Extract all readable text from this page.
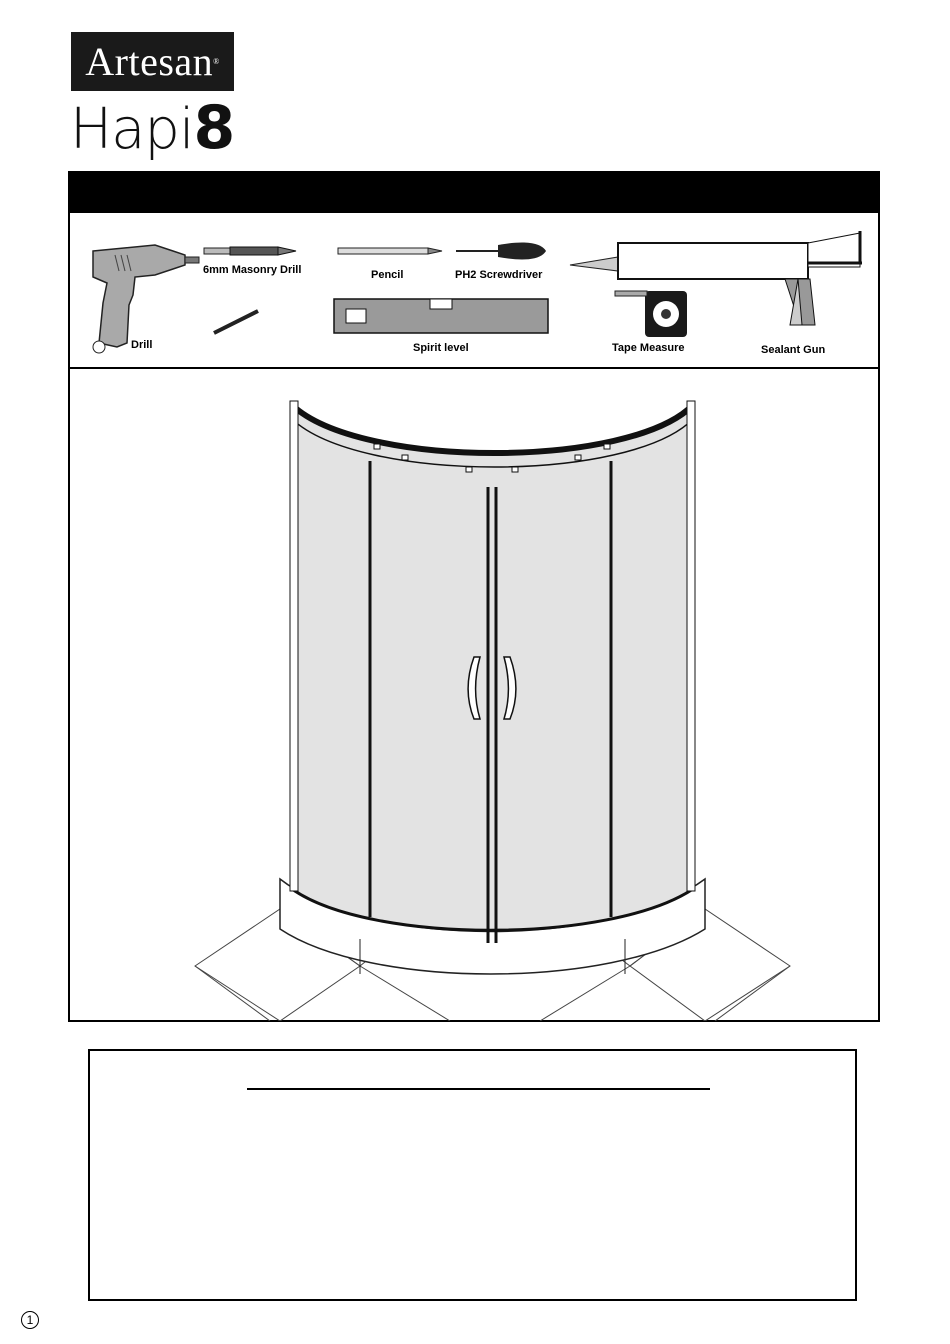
Artesan ®
Hapi8
Drill
6mm Masonry Drill	Pencil	PH2 Screwdriver
Spirit level	Tape Measure	Sealant Gun
1
